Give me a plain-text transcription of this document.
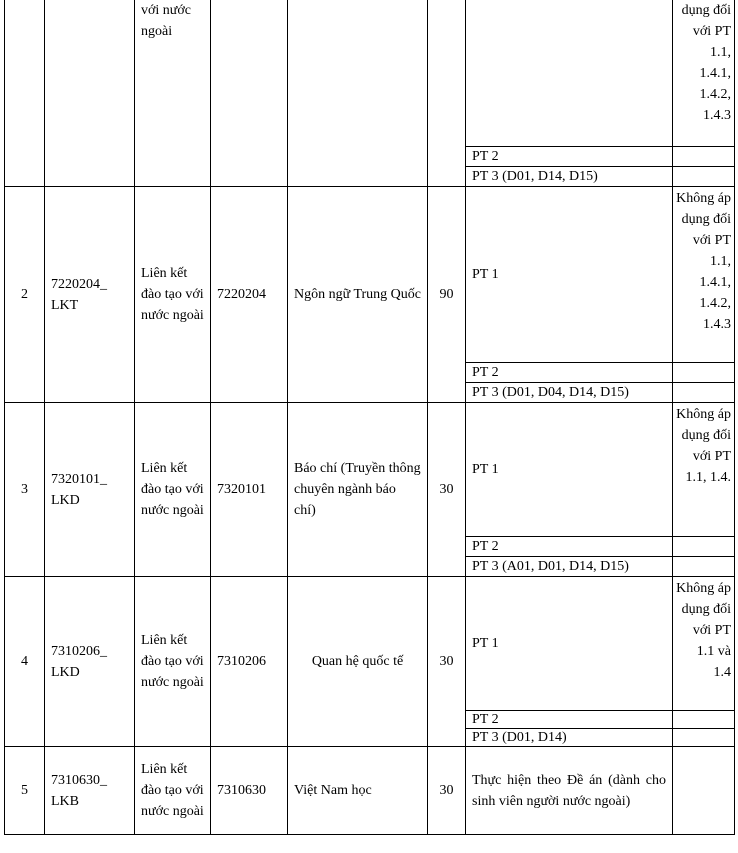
		với nước ngoài					dụng đối với PT 1.1, 1.4.1, 1.4.2, 1.4.3
						PT 2	
						PT 3 (D01, D14, D15)	
2	7220204_ LKT	Liên kết đào tạo với nước ngoài	7220204	Ngôn ngữ Trung Quốc	90	PT 1	Không áp dụng đối với PT 1.1, 1.4.1, 1.4.2, 1.4.3
						PT 2	
						PT 3 (D01, D04, D14, D15)	
3	7320101_ LKD	Liên kết đào tạo với nước ngoài	7320101	Báo chí (Truyền thông chuyên ngành báo chí)	30	PT 1	Không áp dụng đối với PT 1.1, 1.4.
						PT 2	
						PT 3 (A01, D01, D14, D15)	
4	7310206_ LKD	Liên kết đào tạo với nước ngoài	7310206	Quan hệ quốc tế	30	PT 1	Không áp dụng đối với PT 1.1 và 1.4
						PT 2	
						PT 3 (D01, D14)	
5	7310630_ LKB	Liên kết đào tạo với nước ngoài	7310630	Việt Nam học	30	Thực hiện theo Đề án (dành cho sinh viên người nước ngoài)	
